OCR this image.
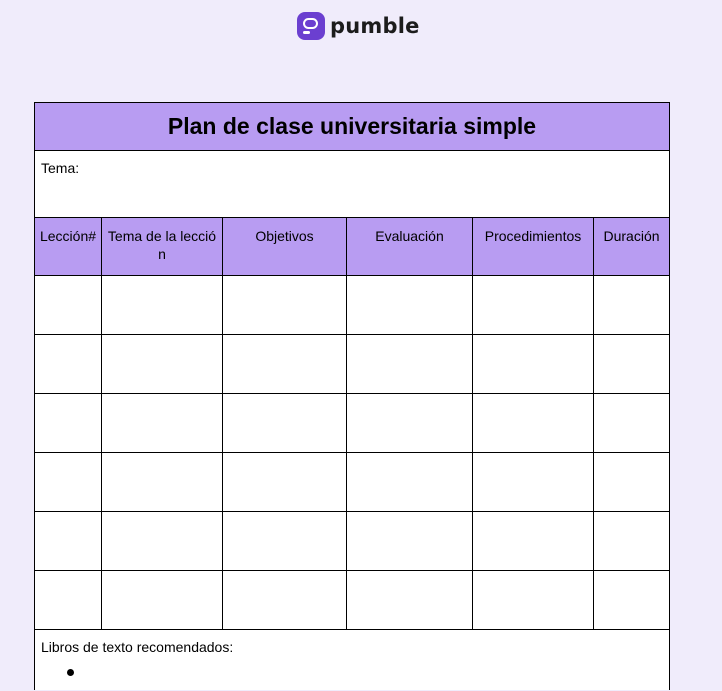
pumble
Plan de clase universitaria simple					
Tema:					

Lección#	Tema de la lección	Objetivos	Evaluación	Procedimientos	Duración

Libros de texto recomendados:					
